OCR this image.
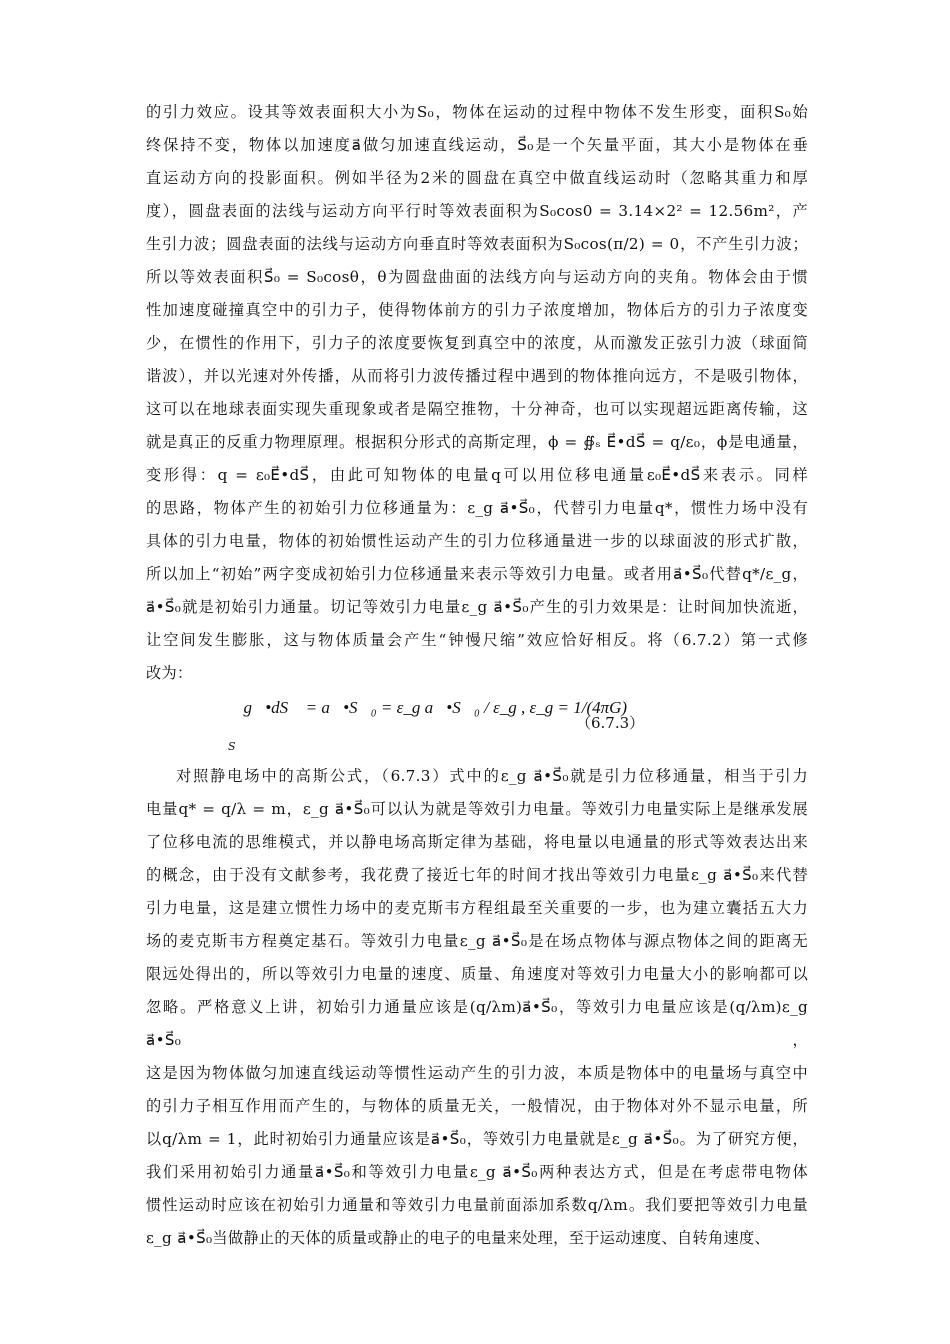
的引力效应。设其等效表面积大小为S₀，物体在运动的过程中物体不发生形变，面积S₀始

终保持不变，物体以加速度a⃗做匀加速直线运动，S⃗₀是一个矢量平面，其大小是物体在垂

直运动方向的投影面积。例如半径为2米的圆盘在真空中做直线运动时（忽略其重力和厚

度），圆盘表面的法线与运动方向平行时等效表面积为S₀cos0 = 3.14×2² = 12.56m²，产

生引力波；圆盘表面的法线与运动方向垂直时等效表面积为S₀cos(π/2) = 0，不产生引力波；

所以等效表面积S⃗₀ = S₀cosθ，θ为圆盘曲面的法线方向与运动方向的夹角。物体会由于惯

性加速度碰撞真空中的引力子，使得物体前方的引力子浓度增加，物体后方的引力子浓度变

少，在惯性的作用下，引力子的浓度要恢复到真空中的浓度，从而激发正弦引力波（球面简

谐波），并以光速对外传播，从而将引力波传播过程中遇到的物体推向远方，不是吸引物体，

这可以在地球表面实现失重现象或者是隔空推物，十分神奇，也可以实现超远距离传输，这

就是真正的反重力物理原理。根据积分形式的高斯定理，ϕ = ∯ₛ E⃗•dS⃗ = q/ε₀，ϕ是电通量，

变形得：q = ε₀E⃗•dS⃗，由此可知物体的电量q可以用位移电通量ε₀E⃗•dS⃗来表示。同样

的思路，物体产生的初始引力位移通量为：ε_g a⃗•S⃗₀，代替引力电量q*，惯性力场中没有

具体的引力电量，物体的初始惯性运动产生的引力位移通量进一步的以球面波的形式扩散，

所以加上“初始”两字变成初始引力位移通量来表示等效引力电量。或者用a⃗•S⃗₀代替q*/ε_g，

a⃗•S⃗₀就是初始引力通量。切记等效引力电量ε_g a⃗•S⃗₀产生的引力效果是：让时间加快流逝，

让空间发生膨胀，这与物体质量会产生“钟慢尺缩”效应恰好相反。将（6.7.2）第一式修

改为：

∯ g⃗•dS⃗ = a⃗•S⃗₀ = ε_g a⃗•S⃗₀ / ε_g , ε_g = 1/(4πG)
S
（6.7.3）

对照静电场中的高斯公式，（6.7.3）式中的ε_g a⃗•S⃗₀就是引力位移通量，相当于引力

电量q* = q/λ = m，ε_g a⃗•S⃗₀可以认为就是等效引力电量。等效引力电量实际上是继承发展

了位移电流的思维模式，并以静电场高斯定律为基础，将电量以电通量的形式等效表达出来

的概念，由于没有文献参考，我花费了接近七年的时间才找出等效引力电量ε_g a⃗•S⃗₀来代替

引力电量，这是建立惯性力场中的麦克斯韦方程组最至关重要的一步，也为建立囊括五大力

场的麦克斯韦方程奠定基石。等效引力电量ε_g a⃗•S⃗₀是在场点物体与源点物体之间的距离无

限远处得出的，所以等效引力电量的速度、质量、角速度对等效引力电量大小的影响都可以

忽略。严格意义上讲，初始引力通量应该是(q/λm)a⃗•S⃗₀，等效引力电量应该是(q/λm)ε_g a⃗•S⃗₀，

这是因为物体做匀加速直线运动等惯性运动产生的引力波，本质是物体中的电量场与真空中

的引力子相互作用而产生的，与物体的质量无关，一般情况，由于物体对外不显示电量，所

以q/λm = 1，此时初始引力通量应该是a⃗•S⃗₀，等效引力电量就是ε_g a⃗•S⃗₀。为了研究方便，

我们采用初始引力通量a⃗•S⃗₀和等效引力电量ε_g a⃗•S⃗₀两种表达方式，但是在考虑带电物体

惯性运动时应该在初始引力通量和等效引力电量前面添加系数q/λm。我们要把等效引力电量

ε_g a⃗•S⃗₀当做静止的天体的质量或静止的电子的电量来处理，至于运动速度、自转角速度、
